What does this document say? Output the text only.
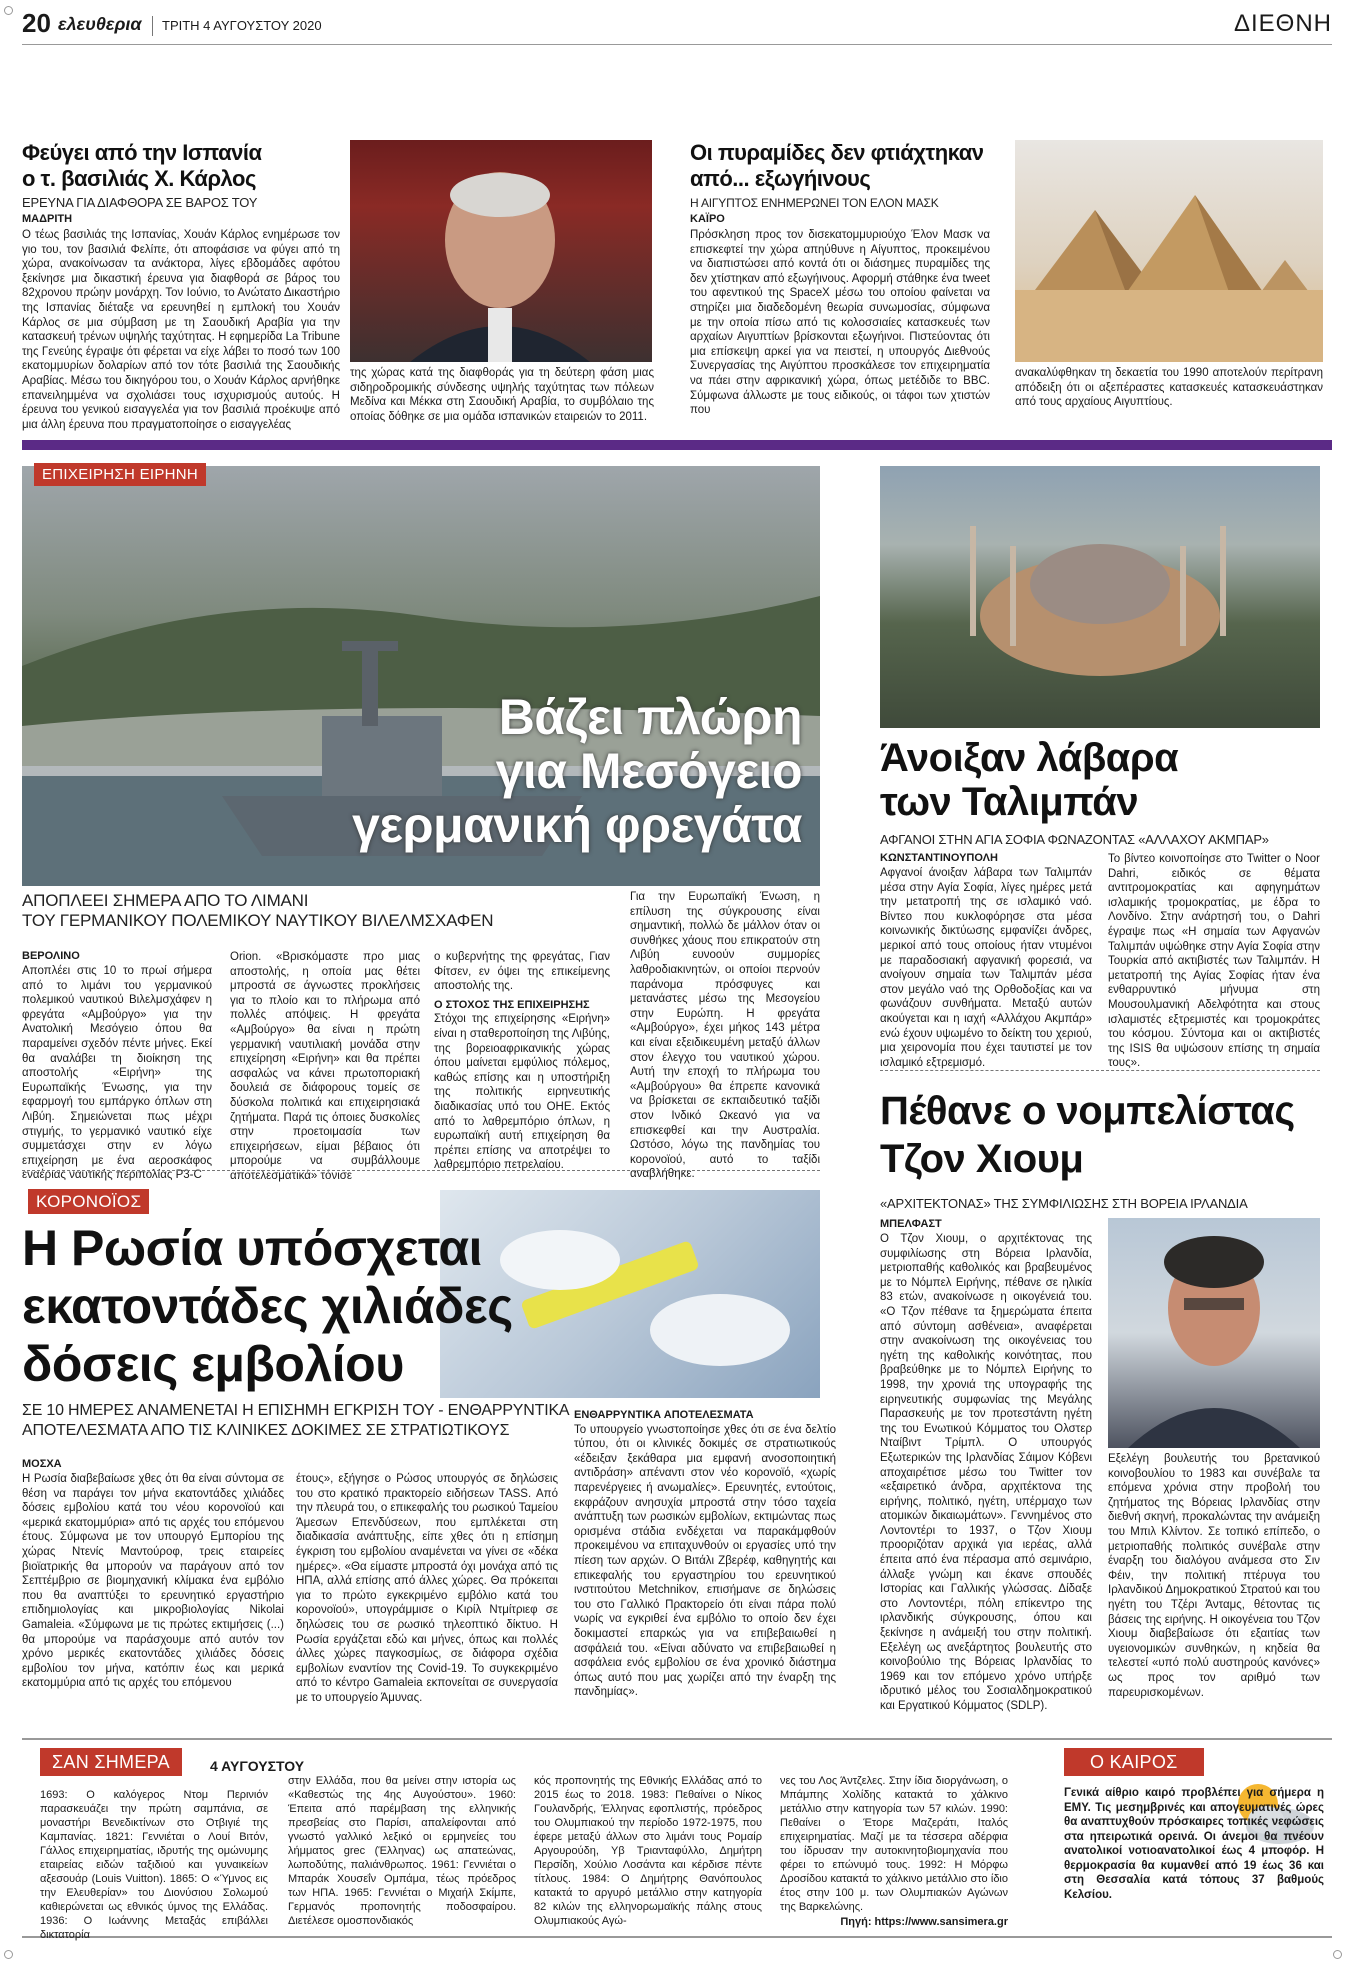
20 ελευθερια ΤΡΙΤΗ 4 ΑΥΓΟΥΣΤΟΥ 2020	ΔΙΕΘΝΗ
Φεύγει από την Ισπανία
ο τ. βασιλιάς Χ. Κάρλος
ΕΡΕΥΝΑ ΓΙΑ ΔΙΑΦΘΟΡΑ ΣΕ ΒΑΡΟΣ ΤΟΥ
ΜΑΔΡΙΤΗ
Ο τέως βασιλιάς της Ισπανίας, Χουάν Κάρλος ενημέρωσε τον γιο του, τον βασιλιά Φελίπε, ότι αποφάσισε να φύγει από τη χώρα, ανακοίνωσαν τα ανάκτορα, λίγες εβδομάδες αφότου ξεκίνησε μια δικαστική έρευνα για διαφθορά σε βάρος του 82χρονου πρώην μονάρχη. Τον Ιούνιο, το Ανώτατο Δικαστήριο της Ισπανίας διέταξε να ερευνηθεί η εμπλοκή του Χουάν Κάρλος σε μια σύμβαση με τη Σαουδική Αραβία για την κατασκευή τρένων υψηλής ταχύτητας. Η εφημερίδα La Tribune της Γενεύης έγραψε ότι φέρεται να είχε λάβει το ποσό των 100 εκατομμυρίων δολαρίων από τον τότε βασιλιά της Σαουδικής Αραβίας. Μέσω του δικηγόρου του, ο Χουάν Κάρλος αρνήθηκε επανειλημμένα να σχολιάσει τους ισχυρισμούς αυτούς. Η έρευνα του γενικού εισαγγελέα για τον βασιλιά προέκυψε από μια άλλη έρευνα που πραγματοποίησε ο εισαγγελέας
της χώρας κατά της διαφθοράς για τη δεύτερη φάση μιας σιδηροδρομικής σύνδεσης υψηλής ταχύτητας των πόλεων Μεδίνα και Μέκκα στη Σαουδική Αραβία, το συμβόλαιο της οποίας δόθηκε σε μια ομάδα ισπανικών εταιρειών το 2011.
Οι πυραμίδες δεν φτιάχτηκαν
από... εξωγήινους
Η ΑΙΓΥΠΤΟΣ ΕΝΗΜΕΡΩΝΕΙ ΤΟΝ ΕΛΟΝ ΜΑΣΚ
ΚΑΪΡΟ
Πρόσκληση προς τον δισεκατομμυριούχο Έλον Μασκ να επισκεφτεί την χώρα απηύθυνε η Αίγυπτος, προκειμένου να διαπιστώσει από κοντά ότι οι διάσημες πυραμίδες της δεν χτίστηκαν από εξωγήινους. Αφορμή στάθηκε ένα tweet του αφεντικού της SpaceX μέσω του οποίου φαίνεται να στηρίζει μια διαδεδομένη θεωρία συνωμοσίας, σύμφωνα με την οποία πίσω από τις κολοσσιαίες κατασκευές των αρχαίων Αιγυπτίων βρίσκονται εξωγήινοι. Πιστεύοντας ότι μια επίσκεψη αρκεί για να πειστεί, η υπουργός Διεθνούς Συνεργασίας της Αιγύπτου προσκάλεσε τον επιχειρηματία να πάει στην αφρικανική χώρα, όπως μετέδιδε το BBC. Σύμφωνα άλλωστε με τους ειδικούς, οι τάφοι των χτιστών που
ανακαλύφθηκαν τη δεκαετία του 1990 αποτελούν περίτρανη απόδειξη ότι οι αξεπέραστες κατασκευές κατασκευάστηκαν από τους αρχαίους Αιγυπτίους.
ΕΠΙΧΕΙΡΗΣΗ ΕΙΡΗΝΗ
Βάζει πλώρη
για Μεσόγειο
γερμανική φρεγάτα
ΑΠΟΠΛΕΕΙ ΣΗΜΕΡΑ ΑΠΟ ΤΟ ΛΙΜΑΝΙ
ΤΟΥ ΓΕΡΜΑΝΙΚΟΥ ΠΟΛΕΜΙΚΟΥ ΝΑΥΤΙΚΟΥ ΒΙΛΕΛΜΣΧΑΦΕΝ
ΒΕΡΟΛΙΝΟ
Αποπλέει στις 10 το πρωί σήμερα από το λιμάνι του γερμανικού πολεμικού ναυτικού Βιλελμσχάφεν η φρεγάτα «Αμβούργο» για την Ανατολική Μεσόγειο όπου θα παραμείνει σχεδόν πέντε μήνες. Εκεί θα αναλάβει τη διοίκηση της αποστολής «Ειρήνη» της Ευρωπαϊκής Ένωσης, για την εφαρμογή του εμπάργκο όπλων στη Λιβύη. Σημειώνεται πως μέχρι στιγμής, το γερμανικό ναυτικό είχε συμμετάσχει στην εν λόγω επιχείρηση με ένα αεροσκάφος εναέριας ναυτικής περιπολίας P3-C
Orion. «Βρισκόμαστε προ μιας αποστολής, η οποία μας θέτει μπροστά σε άγνωστες προκλήσεις για το πλοίο και το πλήρωμα από πολλές απόψεις. Η φρεγάτα «Αμβούργο» θα είναι η πρώτη γερμανική ναυτιλιακή μονάδα στην επιχείρηση «Ειρήνη» και θα πρέπει ασφαλώς να κάνει πρωτοποριακή δουλειά σε διάφορους τομείς σε δύσκολα πολιτικά και επιχειρησιακά ζητήματα. Παρά τις όποιες δυσκολίες στην προετοιμασία των επιχειρήσεων, είμαι βέβαιος ότι μπορούμε να συμβάλλουμε αποτελεσματικά» τόνισε

ο κυβερνήτης της φρεγάτας, Γιαν Φίτσεν, εν όψει της επικείμενης αποστολής της.

Ο ΣΤΟΧΟΣ ΤΗΣ ΕΠΙΧΕΙΡΗΣΗΣ

Στόχοι της επιχείρησης «Ειρήνη» είναι η σταθεροποίηση της Λιβύης, της βορειοαφρικανικής χώρας όπου μαίνεται εμφύλιος πόλεμος, καθώς επίσης και η υποστήριξη της πολιτικής ειρηνευτικής διαδικασίας υπό του ΟΗΕ. Εκτός από το λαθρεμπόριο όπλων, η ευρωπαϊκή αυτή επιχείρηση θα πρέπει επίσης να αποτρέψει το λαθρεμπόριο πετρελαίου.

Για την Ευρωπαϊκή Ένωση, η επίλυση της σύγκρουσης είναι σημαντική, πολλώ δε μάλλον όταν οι συνθήκες χάους που επικρατούν στη Λιβύη ευνοούν συμμορίες λαθροδιακινητών, οι οποίοι περνούν παράνομα πρόσφυγες και μετανάστες μέσω της Μεσογείου στην Ευρώπη. Η φρεγάτα «Αμβούργο», έχει μήκος 143 μέτρα και είναι εξειδικευμένη μεταξύ άλλων στον έλεγχο του ναυτικού χώρου. Αυτή την εποχή το πλήρωμα του «Αμβούργου» θα έπρεπε κανονικά να βρίσκεται σε εκπαιδευτικό ταξίδι στον Ινδικό Ωκεανό για να επισκεφθεί και την Αυστραλία. Ωστόσο, λόγω της πανδημίας του κορονοϊού, αυτό το ταξίδι αναβλήθηκε.
Άνοιξαν λάβαρα
των Ταλιμπάν
ΑΦΓΑΝΟΙ ΣΤΗΝ ΑΓΙΑ ΣΟΦΙΑ ΦΩΝΑΖΟΝΤΑΣ «ΑΛΛΑΧΟΥ ΑΚΜΠΑΡ»
ΚΩΝΣΤΑΝΤΙΝΟΥΠΟΛΗ
Αφγανοί άνοιξαν λάβαρα των Ταλιμπάν μέσα στην Αγία Σοφία, λίγες ημέρες μετά την μετατροπή της σε ισλαμικό ναό. Βίντεο που κυκλοφόρησε στα μέσα κοινωνικής δικτύωσης εμφανίζει άνδρες, μερικοί από τους οποίους ήταν ντυμένοι με παραδοσιακή αφγανική φορεσιά, να ανοίγουν σημαία των Ταλιμπάν μέσα στον μεγάλο ναό της Ορθοδοξίας και να φωνάζουν συνθήματα. Μεταξύ αυτών ακούγεται και η ιαχή «Αλλάχου Ακμπάρ» ενώ έχουν υψωμένο το δείκτη του χεριού, μια χειρονομία που έχει ταυτιστεί με τον ισλαμικό εξτρεμισμό.
Το βίντεο κοινοποίησε στο Twitter ο Noor Dahri, ειδικός σε θέματα αντιτρομοκρατίας και αφηγημάτων ισλαμικής τρομοκρατίας, με έδρα το Λονδίνο. Στην ανάρτησή του, ο Dahri έγραψε πως «Η σημαία των Αφγανών Ταλιμπάν υψώθηκε στην Αγία Σοφία στην Τουρκία από ακτιβιστές των Ταλιμπάν. Η μετατροπή της Αγίας Σοφίας ήταν ένα ενθαρρυντικό μήνυμα στη Μουσουλμανική Αδελφότητα και στους ισλαμιστές εξτρεμιστές και τρομοκράτες του κόσμου. Σύντομα και οι ακτιβιστές της ISIS θα υψώσουν επίσης τη σημαία τους».
Πέθανε ο νομπελίστας
Τζον Χιουμ
«ΑΡΧΙΤΕΚΤΟΝΑΣ» ΤΗΣ ΣΥΜΦΙΛΙΩΣΗΣ ΣΤΗ ΒΟΡΕΙΑ ΙΡΛΑΝΔΙΑ
ΜΠΕΛΦΑΣΤ
Ο Τζον Χιουμ, ο αρχιτέκτονας της συμφιλίωσης στη Βόρεια Ιρλανδία, μετριοπαθής καθολικός και βραβευμένος με το Νόμπελ Ειρήνης, πέθανε σε ηλικία 83 ετών, ανακοίνωσε η οικογένειά του. «Ο Τζον πέθανε τα ξημερώματα έπειτα από σύντομη ασθένεια», αναφέρεται στην ανακοίνωση της οικογένειας του ηγέτη της καθολικής κοινότητας, που βραβεύθηκε με το Νόμπελ Ειρήνης το 1998, την χρονιά της υπογραφής της ειρηνευτικής συμφωνίας της Μεγάλης Παρασκευής με τον προτεστάντη ηγέτη της του Ενωτικού Κόμματος του Ολστερ Νταίβιντ Τρίμπλ. Ο υπουργός Εξωτερικών της Ιρλανδίας Σάιμον Κόβενι αποχαιρέτισε μέσω του Twitter τον «εξαιρετικό άνδρα, αρχιτέκτονα της ειρήνης, πολιτικό, ηγέτη, υπέρμαχο των ατομικών δικαιωμάτων». Γεννημένος στο Λοντοντέρι το 1937, ο Τζον Χιουμ προοριζόταν αρχικά για ιερέας, αλλά έπειτα από ένα πέρασμα από σεμινάριο, άλλαξε γνώμη και έκανε σπουδές Ιστορίας και Γαλλικής γλώσσας. Δίδαξε στο Λοντοντέρι, πόλη επίκεντρο της ιρλανδικής σύγκρουσης, όπου και ξεκίνησε η ανάμειξή του στην πολιτική. Εξελέγη ως ανεξάρτητος βουλευτής στο κοινοβούλιο της Βόρειας Ιρλανδίας το 1969 και τον επόμενο χρόνο υπήρξε ιδρυτικό μέλος του Σοσιαλδημοκρατικού και Εργατικού Κόμματος (SDLP).
Εξελέγη βουλευτής του βρετανικού κοινοβουλίου το 1983 και συνέβαλε τα επόμενα χρόνια στην προβολή του ζητήματος της Βόρειας Ιρλανδίας στην διεθνή σκηνή, προκαλώντας την ανάμειξη του Μπιλ Κλίντον. Σε τοπικό επίπεδο, ο μετριοπαθής πολιτικός συνέβαλε στην έναρξη του διαλόγου ανάμεσα στο Σιν Φέιν, την πολιτική πτέρυγα του Ιρλανδικού Δημοκρατικού Στρατού και του ηγέτη του Τζέρι Άνταμς, θέτοντας τις βάσεις της ειρήνης. Η οικογένεια του Τζον Χιουμ διαβεβαίωσε ότι εξαιτίας των υγειονομικών συνθηκών, η κηδεία θα τελεστεί «υπό πολύ αυστηρούς κανόνες» ως προς τον αριθμό των παρευρισκομένων.
ΚΟΡΟΝΟΪΟΣ
Η Ρωσία υπόσχεται
εκατοντάδες χιλιάδες
δόσεις εμβολίου
ΣΕ 10 ΗΜΕΡΕΣ ΑΝΑΜΕΝΕΤΑΙ Η ΕΠΙΣΗΜΗ ΕΓΚΡΙΣΗ ΤΟΥ - ΕΝΘΑΡΡΥΝΤΙΚΑ
ΑΠΟΤΕΛΕΣΜΑΤΑ ΑΠΟ ΤΙΣ ΚΛΙΝΙΚΕΣ ΔΟΚΙΜΕΣ ΣΕ ΣΤΡΑΤΙΩΤΙΚΟΥΣ
ΜΟΣΧΑ
Η Ρωσία διαβεβαίωσε χθες ότι θα είναι σύντομα σε θέση να παράγει τον μήνα εκατοντάδες χιλιάδες δόσεις εμβολίου κατά του νέου κορονοϊού και «μερικά εκατομμύρια» από τις αρχές του επόμενου έτους. Σύμφωνα με τον υπουργό Εμπορίου της χώρας Ντενίς Μαντούροφ, τρεις εταιρείες βιοϊατρικής θα μπορούν να παράγουν από τον Σεπτέμβριο σε βιομηχανική κλίμακα ένα εμβόλιο που θα αναπτύξει το ερευνητικό εργαστήριο επιδημιολογίας και μικροβιολογίας Nikolai Gamaleia. «Σύμφωνα με τις πρώτες εκτιμήσεις (...) θα μπορούμε να παράσχουμε από αυτόν τον χρόνο μερικές εκατοντάδες χιλιάδες δόσεις εμβολίου τον μήνα, κατόπιν έως και μερικά εκατομμύρια από τις αρχές του επόμενου
έτους», εξήγησε ο Ρώσος υπουργός σε δηλώσεις του στο κρατικό πρακτορείο ειδήσεων TASS. Από την πλευρά του, ο επικεφαλής του ρωσικού Ταμείου Άμεσων Επενδύσεων, που εμπλέκεται στη διαδικασία ανάπτυξης, είπε χθες ότι η επίσημη έγκριση του εμβολίου αναμένεται να γίνει σε «δέκα ημέρες». «Θα είμαστε μπροστά όχι μονάχα από τις ΗΠΑ, αλλά επίσης από άλλες χώρες. Θα πρόκειται για το πρώτο εγκεκριμένο εμβόλιο κατά του κορονοϊού», υπογράμμισε ο Κιρίλ Ντμίτριεφ σε δηλώσεις του σε ρωσικό τηλεοπτικό δίκτυο. Η Ρωσία εργάζεται εδώ και μήνες, όπως και πολλές άλλες χώρες παγκοσμίως, σε διάφορα σχέδια εμβολίων εναντίον της Covid-19. Το συγκεκριμένο από το κέντρο Gamaleia εκπονείται σε συνεργασία με το υπουργείο Άμυνας.

ΕΝΘΑΡΡΥΝΤΙΚΑ ΑΠΟΤΕΛΕΣΜΑΤΑ

Το υπουργείο γνωστοποίησε χθες ότι σε ένα δελτίο τύπου, ότι οι κλινικές δοκιμές σε στρατιωτικούς «έδειξαν ξεκάθαρα μια εμφανή ανοσοποιητική αντιδράση» απέναντι στον νέο κορονοϊό, «χωρίς παρενέργειες ή ανωμαλίες». Ερευνητές, εντούτοις, εκφράζουν ανησυχία μπροστά στην τόσο ταχεία ανάπτυξη των ρωσικών εμβολίων, εκτιμώντας πως ορισμένα στάδια ενδέχεται να παρακάμφθούν προκειμένου να επιταχυνθούν οι εργασίες υπό την πίεση των αρχών. Ο Βιτάλι Ζβερέφ, καθηγητής και επικεφαλής του εργαστηρίου του ερευνητικού ινστιτούτου Metchnikov, επισήμανε σε δηλώσεις του στο Γαλλικό Πρακτορείο ότι είναι πάρα πολύ νωρίς να εγκριθεί ένα εμβόλιο το οποίο δεν έχει δοκιμαστεί επαρκώς για να επιβεβαιωθεί η ασφάλειά του. «Είναι αδύνατο να επιβεβαιωθεί η ασφάλεια ενός εμβολίου σε ένα χρονικό διάστημα όπως αυτό που μας χωρίζει από την έναρξη της πανδημίας».

ΣΑΝ ΣΗΜΕΡΑ	4 ΑΥΓΟΥΣΤΟΥ
1693: Ο καλόγερος Ντομ Περινιόν παρασκευάζει την πρώτη σαμπάνια, σε μοναστήρι Βενεδικτίνων στο Οτβιγιέ της Καμπανίας. 1821: Γεννιέται ο Λουί Βιτόν, Γάλλος επιχειρηματίας, ιδρυτής της ομώνυμης εταιρείας ειδών ταξιδιού και γυναικείων αξεσουάρ (Louis Vuitton). 1865: Ο «Ύμνος εις την Ελευθερίαν» του Διονύσιου Σολωμού καθιερώνεται ως εθνικός ύμνος της Ελλάδας. 1936: Ο Ιωάννης Μεταξάς επιβάλλει δικτατορία
στην Ελλάδα, που θα μείνει στην ιστορία ως «Καθεστώς της 4ης Αυγούστου». 1960: Έπειτα από παρέμβαση της ελληνικής πρεσβείας στο Παρίσι, απαλείφονται από γνωστό γαλλικό λεξικό οι ερμηνείες του λήμματος grec (Έλληνας) ως απατεώνας, λωποδύτης, παλιάνθρωπος. 1961: Γεννιέται ο Μπαράκ Χουσεΐν Ομπάμα, τέως πρόεδρος των ΗΠΑ. 1965: Γεννιέται ο Μιχαήλ Σκίμπε, Γερμανός προπονητής ποδοσφαίρου. Διετέλεσε ομοσπονδιακός
κός προπονητής της Εθνικής Ελλάδας από το 2015 έως το 2018. 1983: Πεθαίνει ο Νίκος Γουλανδρής, Έλληνας εφοπλιστής, πρόεδρος του Ολυμπιακού την περίοδο 1972-1975, που έφερε μεταξύ άλλων στο λιμάνι τους Ρομαίρ Αργουρούδη, Υβ Τριανταφύλλο, Δημήτρη Περσίδη, Χούλιο Λοσάντα και κέρδισε πέντε τίτλους. 1984: Ο Δημήτρης Θανόπουλος κατακτά το αργυρό μετάλλιο στην κατηγορία 82 κιλών της ελληνορωμαϊκής πάλης στους Ολυμπιακούς Αγώ-
νες του Λος Άντζελες. Στην ίδια διοργάνωση, ο Μπάμπης Χολίδης κατακτά το χάλκινο μετάλλιο στην κατηγορία των 57 κιλών. 1990: Πεθαίνει ο Έτορε Μαζεράτι, Ιταλός επιχειρηματίας. Μαζί με τα τέσσερα αδέρφια του ίδρυσαν την αυτοκινητοβιομηχανία που φέρει το επώνυμό τους. 1992: Η Μόρφω Δρoσίδου κατακτά το χάλκινο μετάλλιο στο ίδιο έτος στην 100 μ. των Ολυμπιακών Αγώνων της Βαρκελώνης.
Πηγή: https://www.sansimera.gr
Ο ΚΑΙΡΟΣ
Γενικά αίθριο καιρό προβλέπει για σήμερα η ΕΜΥ. Τις μεσημβρινές και απογευματινές ώρες θα αναπτυχθούν πρόσκαιρες τοπικές νεφώσεις στα ηπειρωτικά ορεινά. Οι άνεμοι θα πνέουν ανατολικοί νοτιοανατολικοί έως 4 μποφόρ. Η θερμοκρασία θα κυμανθεί από 19 έως 36 και στη Θεσσαλία κατά τόπους 37 βαθμούς Κελσίου.
